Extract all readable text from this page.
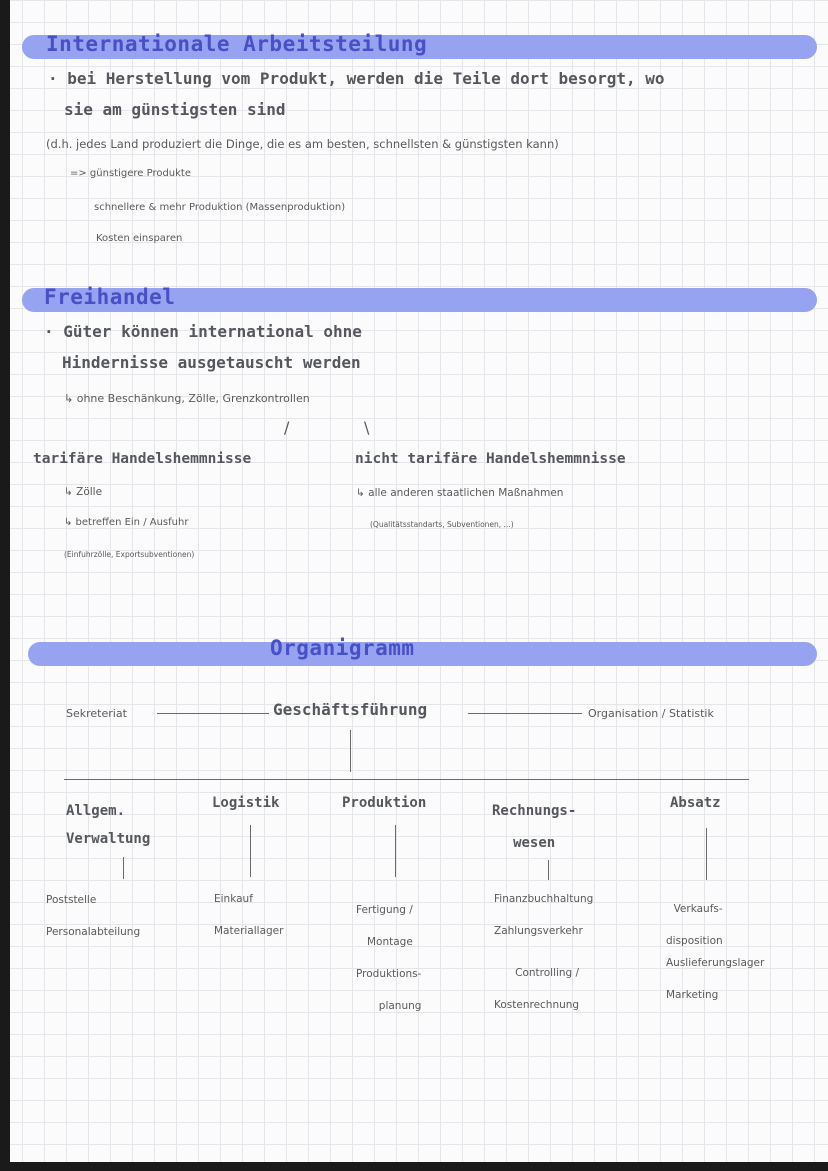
Internationale Arbeitsteilung
· bei Herstellung vom Produkt, werden die Teile dort besorgt, wo
sie am günstigsten sind
(d.h. jedes Land produziert die Dinge, die es am besten, schnellsten & günstigsten kann)
=> günstigere Produkte
schnellere & mehr Produktion (Massenproduktion)
Kosten einsparen
Freihandel
· Güter können international ohne
Hindernisse ausgetauscht werden
↳ ohne Beschänkung, Zölle, Grenzkontrollen
/	\
tarifäre Handelshemmnisse	nicht tarifäre Handelshemmnisse
↳ Zölle	↳ alle anderen staatlichen Maßnahmen
↳ betreffen Ein / Ausfuhr	(Qualitätsstandarts, Subventionen, ...)
(Einfuhrzölle, Exportsubventionen)
Organigramm
Sekreteriat	Geschäftsführung	Organisation / Statistik
Allgem.
Verwaltung
Poststelle
Personalabteilung
Logistik
Einkauf
Materiallager
Produktion
Fertigung /
Montage
Produktions-
planung
Rechnungs-
wesen
Finanzbuchhaltung
Zahlungsverkehr
Controlling /
Kostenrechnung
Absatz
Verkaufs-
disposition
Auslieferungslager
Marketing
